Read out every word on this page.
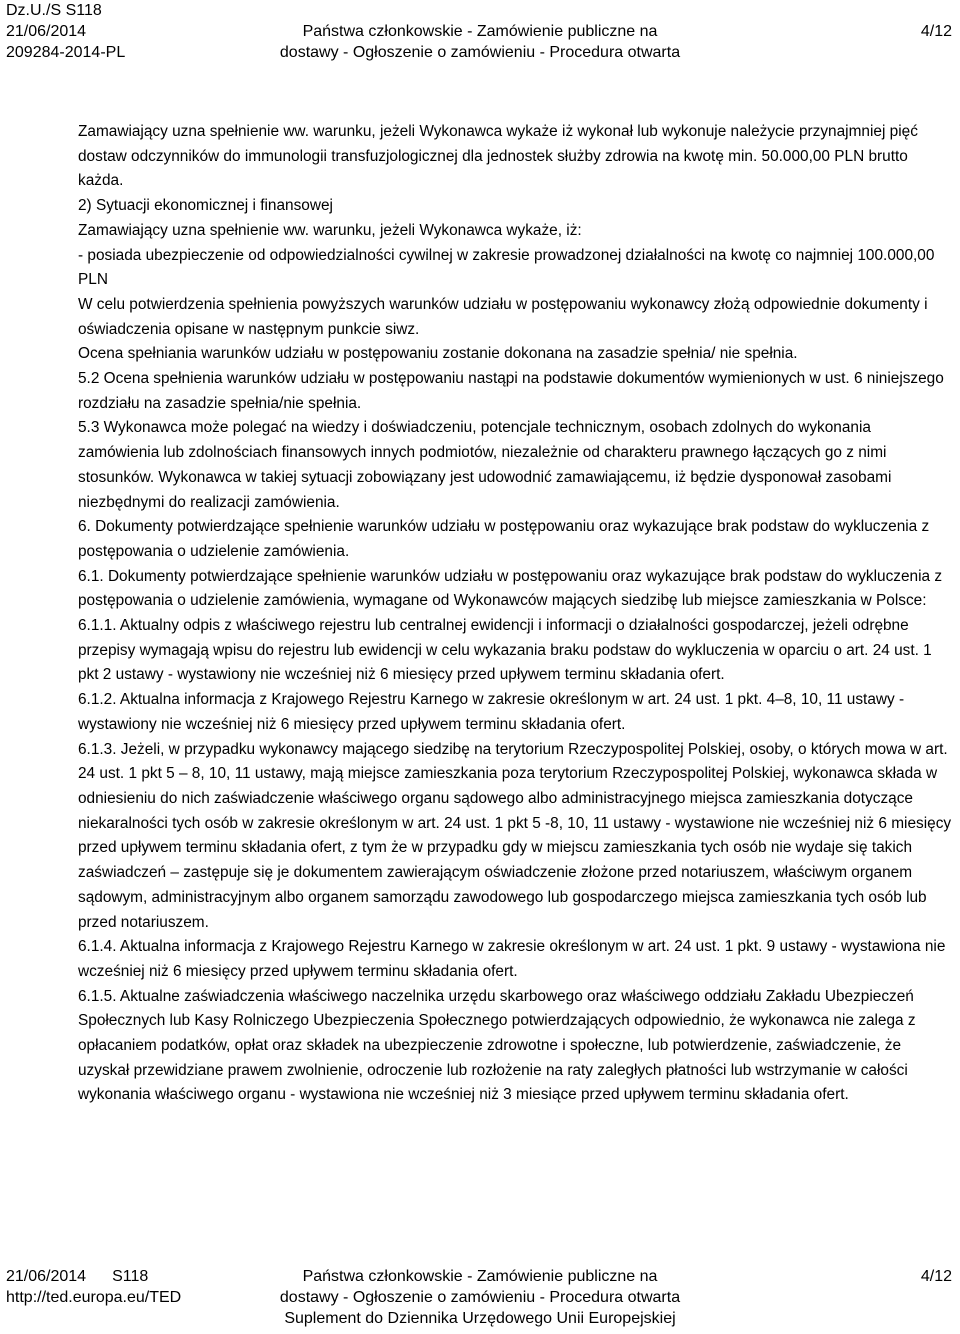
Dz.U./S S118
21/06/2014
209284-2014-PL

Państwa członkowskie - Zamówienie publiczne na
dostawy - Ogłoszenie o zamówieniu - Procedura otwarta
4/12

Zamawiający uzna spełnienie ww. warunku, jeżeli Wykonawca wykaże iż wykonał lub wykonuje należycie przynajmniej pięć dostaw odczynników do immunologii transfuzjologicznej dla jednostek służby zdrowia na kwotę min. 50.000,00 PLN brutto każda.

2) Sytuacji ekonomicznej i finansowej

Zamawiający uzna spełnienie ww. warunku, jeżeli Wykonawca wykaże, iż:

- posiada ubezpieczenie od odpowiedzialności cywilnej w zakresie prowadzonej działalności na kwotę co najmniej 100.000,00 PLN

W celu potwierdzenia spełnienia powyższych warunków udziału w postępowaniu wykonawcy złożą odpowiednie dokumenty i oświadczenia opisane w następnym punkcie siwz.

Ocena spełniania warunków udziału w postępowaniu zostanie dokonana na zasadzie spełnia/ nie spełnia.

5.2 Ocena spełnienia warunków udziału w postępowaniu nastąpi na podstawie dokumentów wymienionych w ust. 6 niniejszego rozdziału na zasadzie spełnia/nie spełnia.

5.3 Wykonawca może polegać na wiedzy i doświadczeniu, potencjale technicznym, osobach zdolnych do wykonania zamówienia lub zdolnościach finansowych innych podmiotów, niezależnie od charakteru prawnego łączących go z nimi stosunków. Wykonawca w takiej sytuacji zobowiązany jest udowodnić zamawiającemu, iż będzie dysponował zasobami niezbędnymi do realizacji zamówienia.

6. Dokumenty potwierdzające spełnienie warunków udziału w postępowaniu oraz wykazujące brak podstaw do wykluczenia z postępowania o udzielenie zamówienia.

6.1. Dokumenty potwierdzające spełnienie warunków udziału w postępowaniu oraz wykazujące brak podstaw do wykluczenia z postępowania o udzielenie zamówienia, wymagane od Wykonawców mających siedzibę lub miejsce zamieszkania w Polsce:

6.1.1. Aktualny odpis z właściwego rejestru lub centralnej ewidencji i informacji o działalności gospodarczej, jeżeli odrębne przepisy wymagają wpisu do rejestru lub ewidencji w celu wykazania braku podstaw do wykluczenia w oparciu o art. 24 ust. 1 pkt 2 ustawy - wystawiony nie wcześniej niż 6 miesięcy przed upływem terminu składania ofert.

6.1.2. Aktualna informacja z Krajowego Rejestru Karnego w zakresie określonym w art. 24 ust. 1 pkt. 4–8, 10, 11 ustawy - wystawiony nie wcześniej niż 6 miesięcy przed upływem terminu składania ofert.

6.1.3. Jeżeli, w przypadku wykonawcy mającego siedzibę na terytorium Rzeczypospolitej Polskiej, osoby, o których mowa w art. 24 ust. 1 pkt 5 – 8, 10, 11 ustawy, mają miejsce zamieszkania poza terytorium Rzeczypospolitej Polskiej, wykonawca składa w odniesieniu do nich zaświadczenie właściwego organu sądowego albo administracyjnego miejsca zamieszkania dotyczące niekaralności tych osób w zakresie określonym w art. 24 ust. 1 pkt 5 -8, 10, 11 ustawy - wystawione nie wcześniej niż 6 miesięcy przed upływem terminu składania ofert, z tym że w przypadku gdy w miejscu zamieszkania tych osób nie wydaje się takich zaświadczeń – zastępuje się je dokumentem zawierającym oświadczenie złożone przed notariuszem, właściwym organem sądowym, administracyjnym albo organem samorządu zawodowego lub gospodarczego miejsca zamieszkania tych osób lub przed notariuszem.

6.1.4. Aktualna informacja z Krajowego Rejestru Karnego w zakresie określonym w art. 24 ust. 1 pkt. 9 ustawy - wystawiona nie wcześniej niż 6 miesięcy przed upływem terminu składania ofert.

6.1.5. Aktualne zaświadczenia właściwego naczelnika urzędu skarbowego oraz właściwego oddziału Zakładu Ubezpieczeń Społecznych lub Kasy Rolniczego Ubezpieczenia Społecznego potwierdzających odpowiednio, że wykonawca nie zalega z opłacaniem podatków, opłat oraz składek na ubezpieczenie zdrowotne i społeczne, lub potwierdzenie, zaświadczenie, że uzyskał przewidziane prawem zwolnienie, odroczenie lub rozłożenie na raty zaległych płatności lub wstrzymanie w całości wykonania właściwego organu - wystawiona nie wcześniej niż 3 miesiące przed upływem terminu składania ofert.

21/06/2014 S118
http://ted.europa.eu/TED
Państwa członkowskie - Zamówienie publiczne na
dostawy - Ogłoszenie o zamówieniu - Procedura otwarta
Suplement do Dziennika Urzędowego Unii Europejskiej
4/12
